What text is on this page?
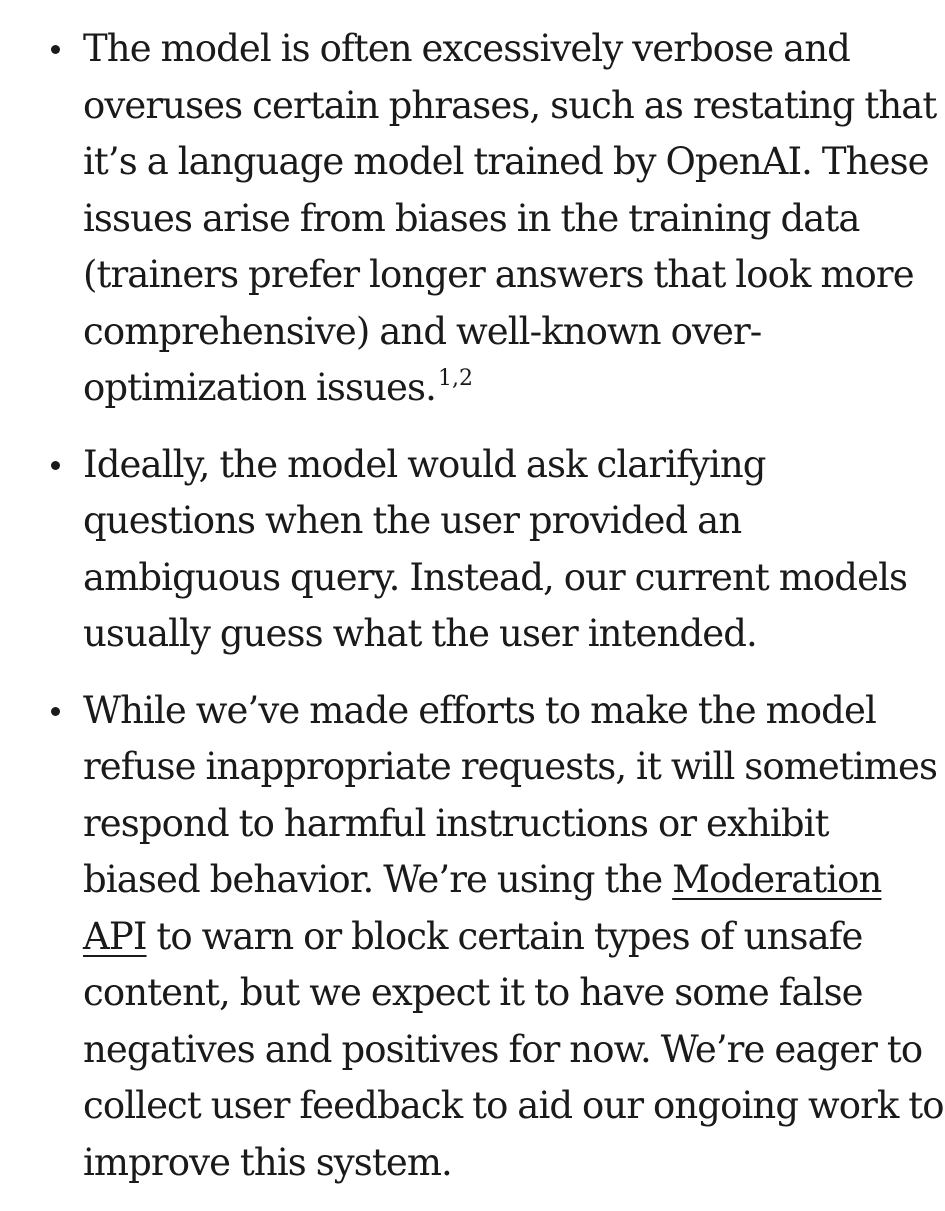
The model is often excessively verbose and
overuses certain phrases, such as restating that
it’s a language model trained by OpenAI. These
issues arise from biases in the training data
(trainers prefer longer answers that look more
comprehensive) and well-known over-
optimization issues.$^{1,2}$
Ideally, the model would ask clarifying
questions when the user provided an
ambiguous query. Instead, our current models
usually guess what the user intended.
While we’ve made efforts to make the model
refuse inappropriate requests, it will sometimes
respond to harmful instructions or exhibit
biased behavior. We’re using the Moderation
API to warn or block certain types of unsafe
content, but we expect it to have some false
negatives and positives for now. We’re eager to
collect user feedback to aid our ongoing work to
improve this system.
